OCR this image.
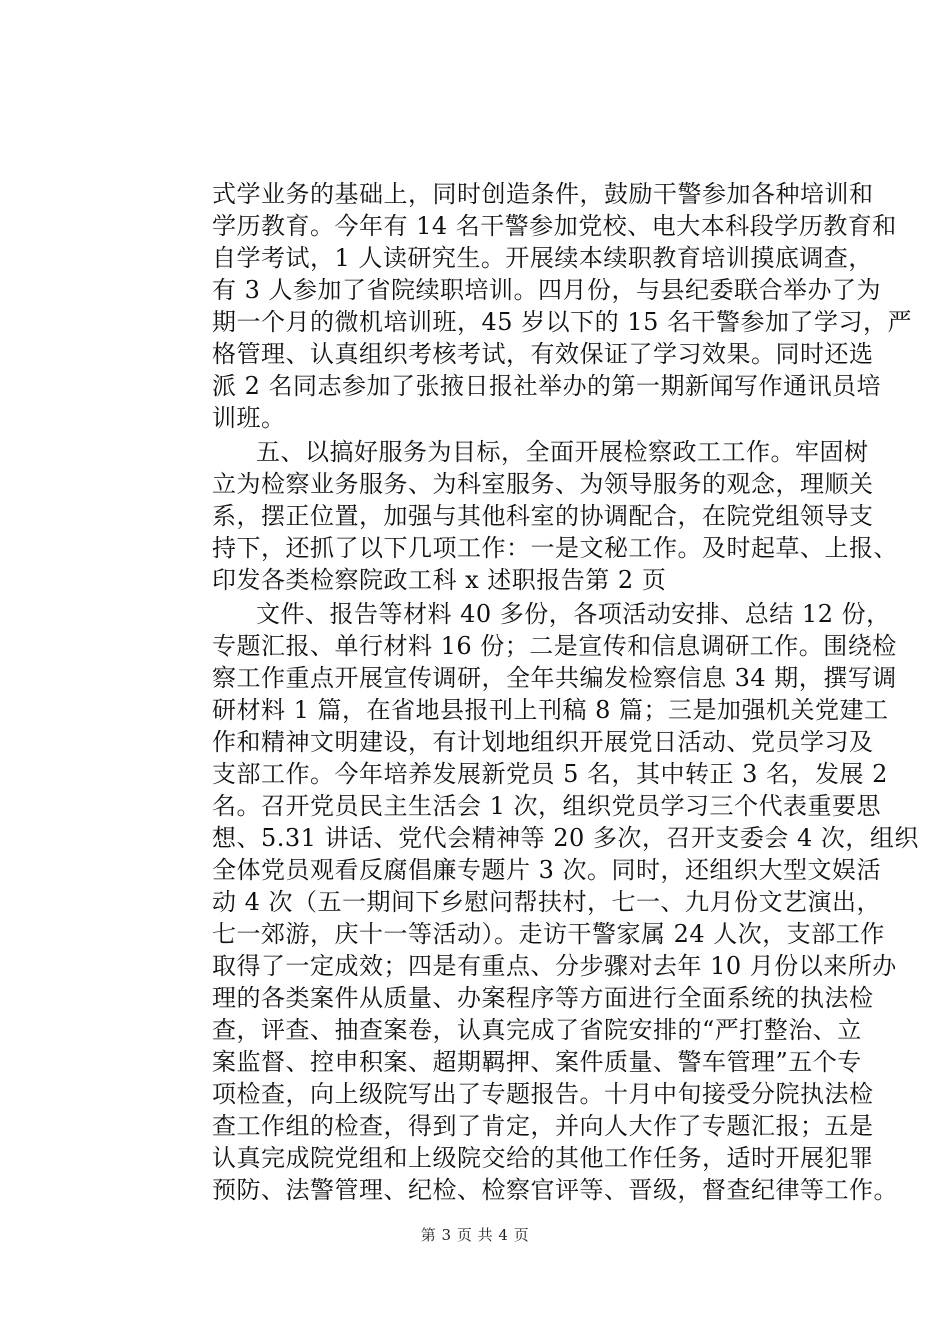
式学业务的基础上，同时创造条件，鼓励干警参加各种培训和
学历教育。今年有 14 名干警参加党校、电大本科段学历教育和
自学考试，1 人读研究生。开展续本续职教育培训摸底调查，
有 3 人参加了省院续职培训。四月份，与县纪委联合举办了为
期一个月的微机培训班，45 岁以下的 15 名干警参加了学习，严
格管理、认真组织考核考试，有效保证了学习效果。同时还选
派 2 名同志参加了张掖日报社举办的第一期新闻写作通讯员培
训班。
五、以搞好服务为目标，全面开展检察政工工作。牢固树
立为检察业务服务、为科室服务、为领导服务的观念，理顺关
系，摆正位置，加强与其他科室的协调配合，在院党组领导支
持下，还抓了以下几项工作：一是文秘工作。及时起草、上报、
印发各类检察院政工科 x 述职报告第 2 页
文件、报告等材料 40 多份，各项活动安排、总结 12 份，
专题汇报、单行材料 16 份；二是宣传和信息调研工作。围绕检
察工作重点开展宣传调研，全年共编发检察信息 34 期，撰写调
研材料 1 篇，在省地县报刊上刊稿 8 篇；三是加强机关党建工
作和精神文明建设，有计划地组织开展党日活动、党员学习及
支部工作。今年培养发展新党员 5 名，其中转正 3 名，发展 2
名。召开党员民主生活会 1 次，组织党员学习三个代表重要思
想、5.31 讲话、党代会精神等 20 多次，召开支委会 4 次，组织
全体党员观看反腐倡廉专题片 3 次。同时，还组织大型文娱活
动 4 次（五一期间下乡慰问帮扶村，七一、九月份文艺演出，
七一郊游，庆十一等活动）。走访干警家属 24 人次，支部工作
取得了一定成效；四是有重点、分步骤对去年 10 月份以来所办
理的各类案件从质量、办案程序等方面进行全面系统的执法检
查，评查、抽查案卷，认真完成了省院安排的“严打整治、立
案监督、控申积案、超期羁押、案件质量、警车管理”五个专
项检查，向上级院写出了专题报告。十月中旬接受分院执法检
查工作组的检查，得到了肯定，并向人大作了专题汇报；五是
认真完成院党组和上级院交给的其他工作任务，适时开展犯罪
预防、法警管理、纪检、检察官评等、晋级，督查纪律等工作。
第 3 页 共 4 页
